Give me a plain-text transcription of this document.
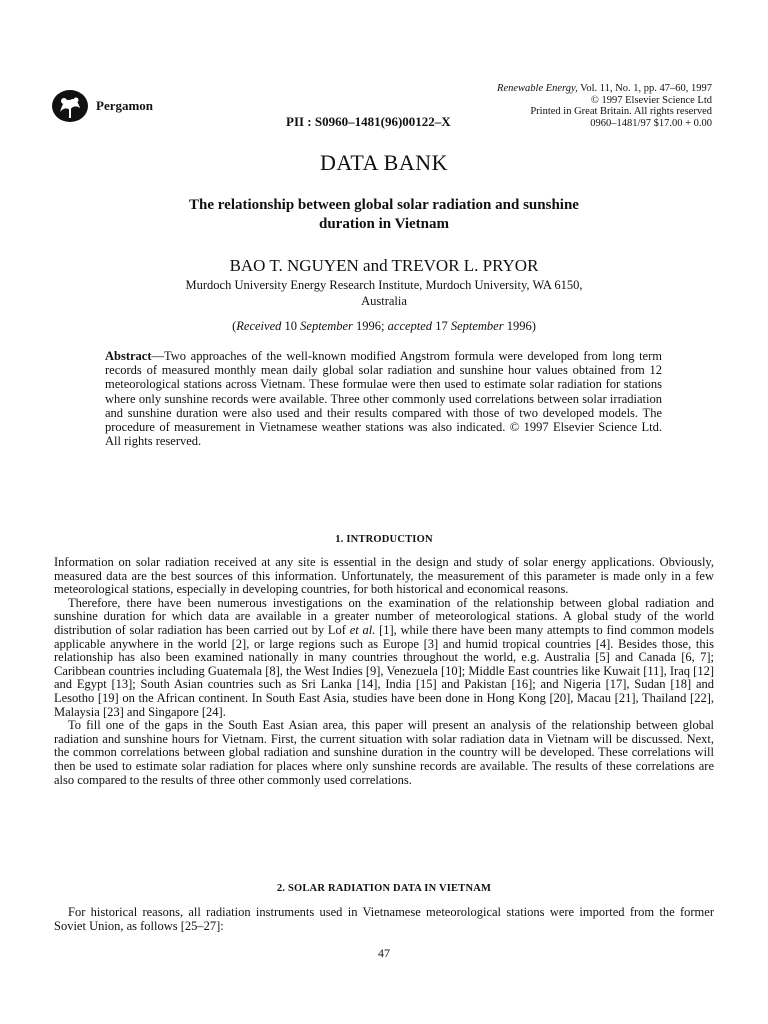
Pergamon
Renewable Energy, Vol. 11, No. 1, pp. 47–60, 1997
© 1997 Elsevier Science Ltd
Printed in Great Britain. All rights reserved
0960–1481/97 $17.00 + 0.00
PII : S0960–1481(96)00122–X
DATA BANK
The relationship between global solar radiation and sunshine
duration in Vietnam
BAO T. NGUYEN and TREVOR L. PRYOR
Murdoch University Energy Research Institute, Murdoch University, WA 6150,
Australia
(Received 10 September 1996; accepted 17 September 1996)
Abstract—Two approaches of the well-known modified Angstrom formula were developed from long term records of measured monthly mean daily global solar radiation and sunshine hour values obtained from 12 meteorological stations across Vietnam. These formulae were then used to estimate solar radiation for stations where only sunshine records were available. Three other commonly used correlations between solar irradiation and sunshine duration were also used and their results compared with those of two developed models. The procedure of measurement in Vietnamese weather stations was also indicated. © 1997 Elsevier Science Ltd. All rights reserved.
1. INTRODUCTION

Information on solar radiation received at any site is essential in the design and study of solar energy applications. Obviously, measured data are the best sources of this information. Unfortunately, the measurement of this parameter is made only in a few meteorological stations, especially in developing countries, for both historical and economical reasons.

Therefore, there have been numerous investigations on the examination of the relationship between global radiation and sunshine duration for which data are available in a greater number of meteorological stations. A global study of the world distribution of solar radiation has been carried out by Lof et al. [1], while there have been many attempts to find common models applicable anywhere in the world [2], or large regions such as Europe [3] and humid tropical countries [4]. Besides those, this relationship has also been examined nationally in many countries throughout the world, e.g. Australia [5] and Canada [6, 7]; Caribbean countries including Guatemala [8], the West Indies [9], Venezuela [10]; Middle East countries like Kuwait [11], Iraq [12] and Egypt [13]; South Asian countries such as Sri Lanka [14], India [15] and Pakistan [16]; and Nigeria [17], Sudan [18] and Lesotho [19] on the African continent. In South East Asia, studies have been done in Hong Kong [20], Macau [21], Thailand [22], Malaysia [23] and Singapore [24].

To fill one of the gaps in the South East Asian area, this paper will present an analysis of the relationship between global radiation and sunshine hours for Vietnam. First, the current situation with solar radiation data in Vietnam will be discussed. Next, the common correlations between global radiation and sunshine duration in the country will be developed. These correlations will then be used to estimate solar radiation for places where only sunshine records are available. The results of these correlations are also compared to the results of three other commonly used correlations.

2. SOLAR RADIATION DATA IN VIETNAM

For historical reasons, all radiation instruments used in Vietnamese meteorological stations were imported from the former Soviet Union, as follows [25–27]:

47
